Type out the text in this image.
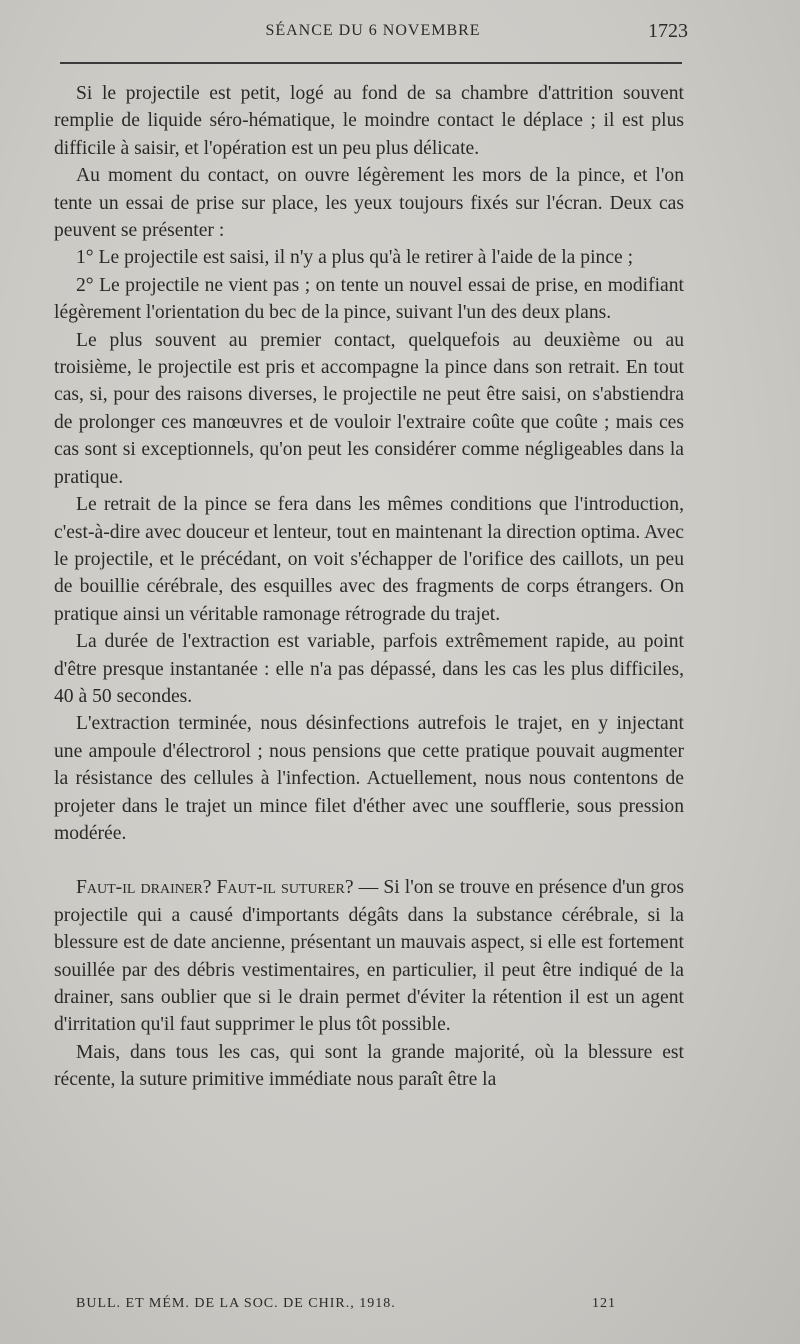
SÉANCE DU 6 NOVEMBRE	1723

Si le projectile est petit, logé au fond de sa chambre d'attrition souvent remplie de liquide séro-hématique, le moindre contact le déplace ; il est plus difficile à saisir, et l'opération est un peu plus délicate.

Au moment du contact, on ouvre légèrement les mors de la pince, et l'on tente un essai de prise sur place, les yeux toujours fixés sur l'écran. Deux cas peuvent se présenter :

1° Le projectile est saisi, il n'y a plus qu'à le retirer à l'aide de la pince ;

2° Le projectile ne vient pas ; on tente un nouvel essai de prise, en modifiant légèrement l'orientation du bec de la pince, suivant l'un des deux plans.

Le plus souvent au premier contact, quelquefois au deuxième ou au troisième, le projectile est pris et accompagne la pince dans son retrait. En tout cas, si, pour des raisons diverses, le projectile ne peut être saisi, on s'abstiendra de prolonger ces manœuvres et de vouloir l'extraire coûte que coûte ; mais ces cas sont si exceptionnels, qu'on peut les considérer comme négligeables dans la pratique.

Le retrait de la pince se fera dans les mêmes conditions que l'introduction, c'est-à-dire avec douceur et lenteur, tout en maintenant la direction optima. Avec le projectile, et le précédant, on voit s'échapper de l'orifice des caillots, un peu de bouillie cérébrale, des esquilles avec des fragments de corps étrangers. On pratique ainsi un véritable ramonage rétrograde du trajet.

La durée de l'extraction est variable, parfois extrêmement rapide, au point d'être presque instantanée : elle n'a pas dépassé, dans les cas les plus difficiles, 40 à 50 secondes.

L'extraction terminée, nous désinfections autrefois le trajet, en y injectant une ampoule d'électrorol ; nous pensions que cette pratique pouvait augmenter la résistance des cellules à l'infection. Actuellement, nous nous contentons de projeter dans le trajet un mince filet d'éther avec une soufflerie, sous pression modérée.

Faut-il drainer? Faut-il suturer? — Si l'on se trouve en présence d'un gros projectile qui a causé d'importants dégâts dans la substance cérébrale, si la blessure est de date ancienne, présentant un mauvais aspect, si elle est fortement souillée par des débris vestimentaires, en particulier, il peut être indiqué de la drainer, sans oublier que si le drain permet d'éviter la rétention il est un agent d'irritation qu'il faut supprimer le plus tôt possible.

Mais, dans tous les cas, qui sont la grande majorité, où la blessure est récente, la suture primitive immédiate nous paraît être la

BULL. ET MÉM. DE LA SOC. DE CHIR., 1918.	121
